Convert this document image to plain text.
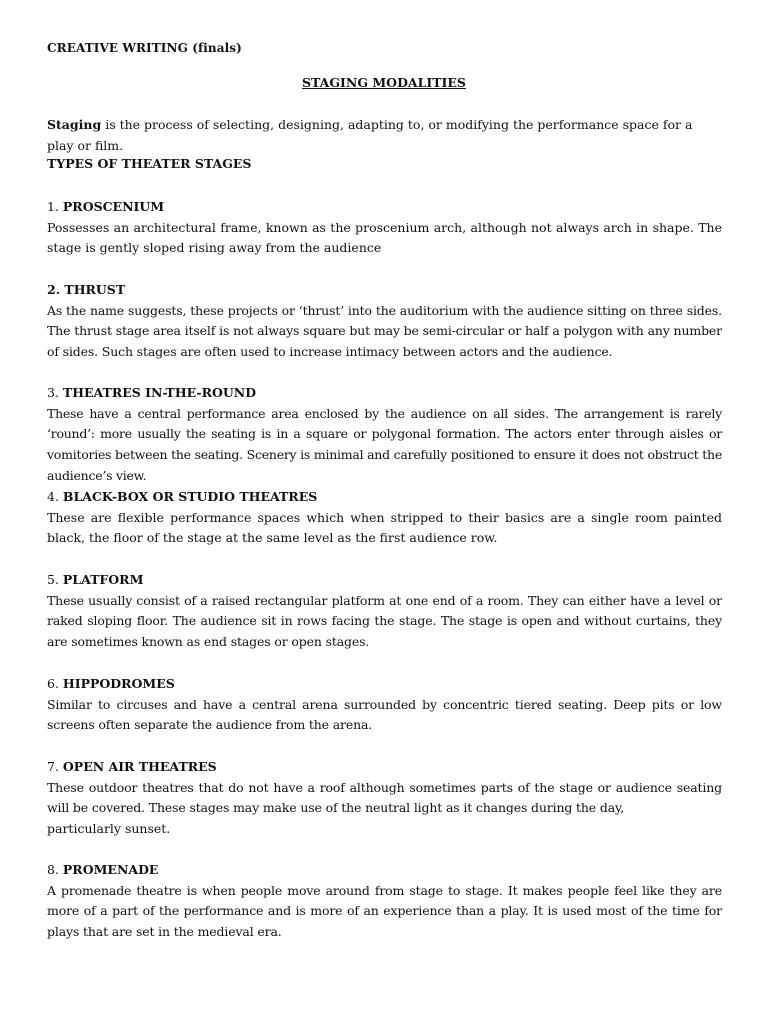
CREATIVE WRITING (finals)
STAGING MODALITIES
Staging is the process of selecting, designing, adapting to, or modifying the performance space for a play or film.
TYPES OF THEATER STAGES
1. PROSCENIUM
Possesses an architectural frame, known as the proscenium arch, although not always arch in shape. The stage is gently sloped rising away from the audience
2. THRUST
As the name suggests, these projects or ‘thrust’ into the auditorium with the audience sitting on three sides. The thrust stage area itself is not always square but may be semi-circular or half a polygon with any number of sides. Such stages are often used to increase intimacy between actors and the audience.
3. THEATRES IN-THE-ROUND
These have a central performance area enclosed by the audience on all sides. The arrangement is rarely ‘round’: more usually the seating is in a square or polygonal formation. The actors enter through aisles or vomitories between the seating. Scenery is minimal and carefully positioned to ensure it does not obstruct the audience’s view.
4. BLACK-BOX OR STUDIO THEATRES
These are flexible performance spaces which when stripped to their basics are a single room painted black, the floor of the stage at the same level as the first audience row.
5. PLATFORM
These usually consist of a raised rectangular platform at one end of a room. They can either have a level or raked sloping floor. The audience sit in rows facing the stage. The stage is open and without curtains, they are sometimes known as end stages or open stages.
6. HIPPODROMES
Similar to circuses and have a central arena surrounded by concentric tiered seating. Deep pits or low screens often separate the audience from the arena.
7. OPEN AIR THEATRES
These outdoor theatres that do not have a roof although sometimes parts of the stage or audience seating will be covered. These stages may make use of the neutral light as it changes during the day,
particularly sunset.
8. PROMENADE
A promenade theatre is when people move around from stage to stage. It makes people feel like they are more of a part of the performance and is more of an experience than a play. It is used most of the time for plays that are set in the medieval era.
